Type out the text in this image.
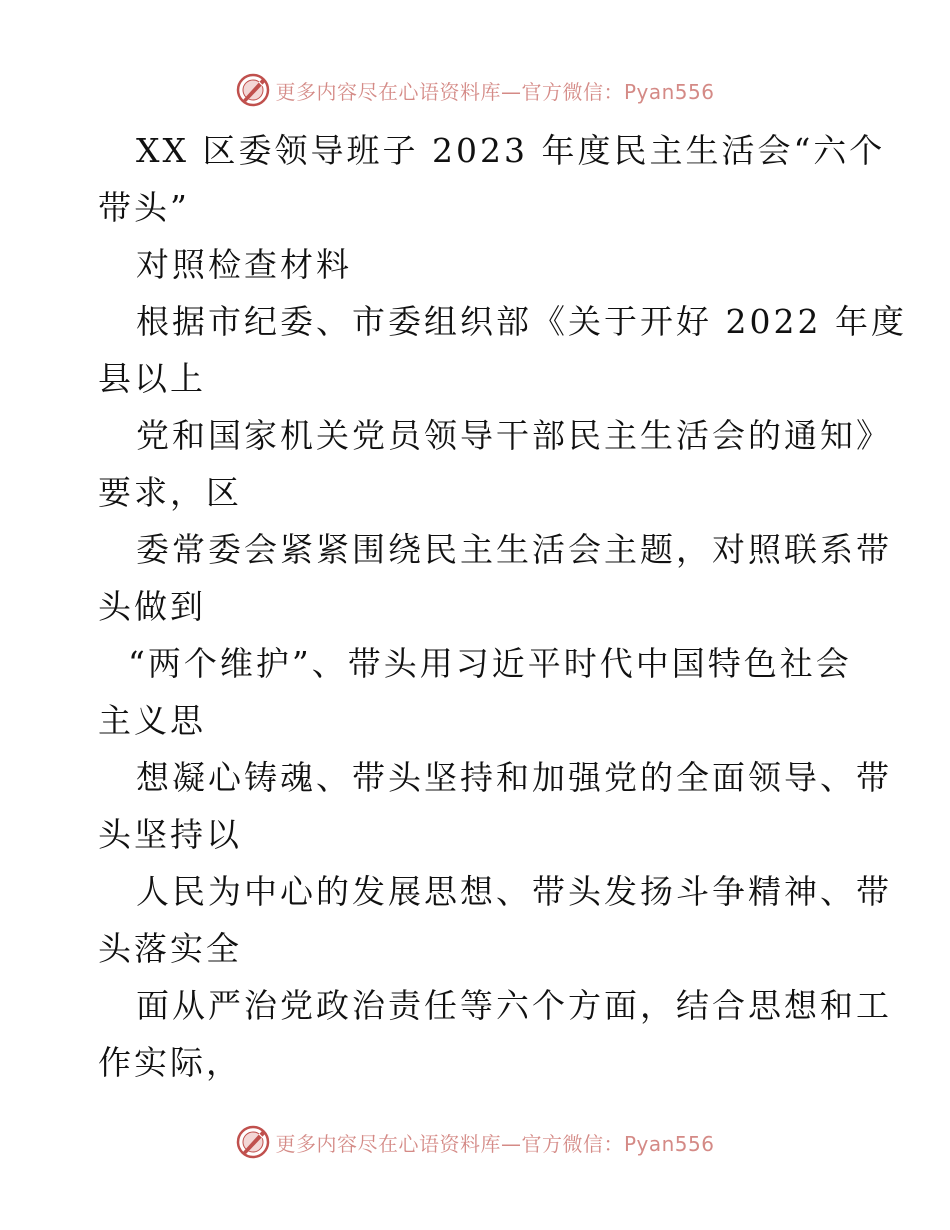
更多内容尽在心语资料库—官方微信：Pyan556
XX 区委领导班子 2023 年度民主生活会“六个
带头”
对照检查材料
根据市纪委、市委组织部《关于开好 2022 年度
县以上
党和国家机关党员领导干部民主生活会的通知》
要求，区
委常委会紧紧围绕民主生活会主题，对照联系带
头做到
“两个维护”、带头用习近平时代中国特色社会
主义思
想凝心铸魂、带头坚持和加强党的全面领导、带
头坚持以
人民为中心的发展思想、带头发扬斗争精神、带
头落实全
面从严治党政治责任等六个方面，结合思想和工
作实际，
更多内容尽在心语资料库—官方微信：Pyan556
